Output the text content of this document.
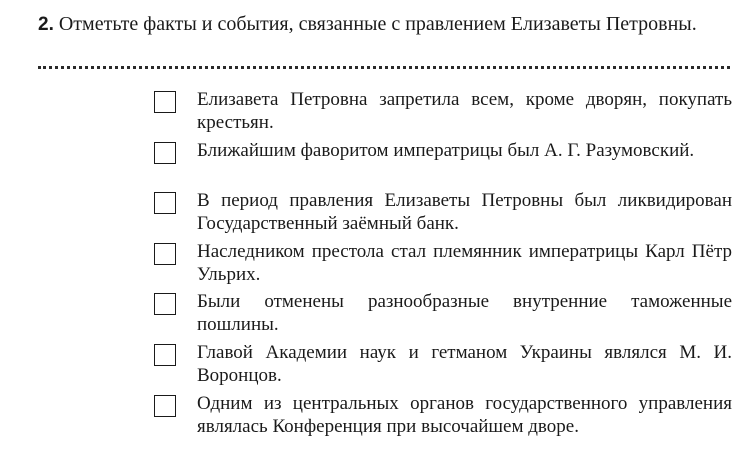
2. Отметьте факты и события, связанные с правлением Елизаветы Петровны.
Елизавета Петровна запретила всем, кроме дворян, покупать крестьян.
Ближайшим фаворитом императрицы был А. Г. Разумовский.
В период правления Елизаветы Петровны был ликвидирован Государственный заёмный банк.
Наследником престола стал племянник императрицы Карл Пётр Ульрих.
Были отменены разнообразные внутренние таможенные пошлины.
Главой Академии наук и гетманом Украины являлся М. И. Воронцов.
Одним из центральных органов государственного управления являлась Конференция при высочайшем дворе.
